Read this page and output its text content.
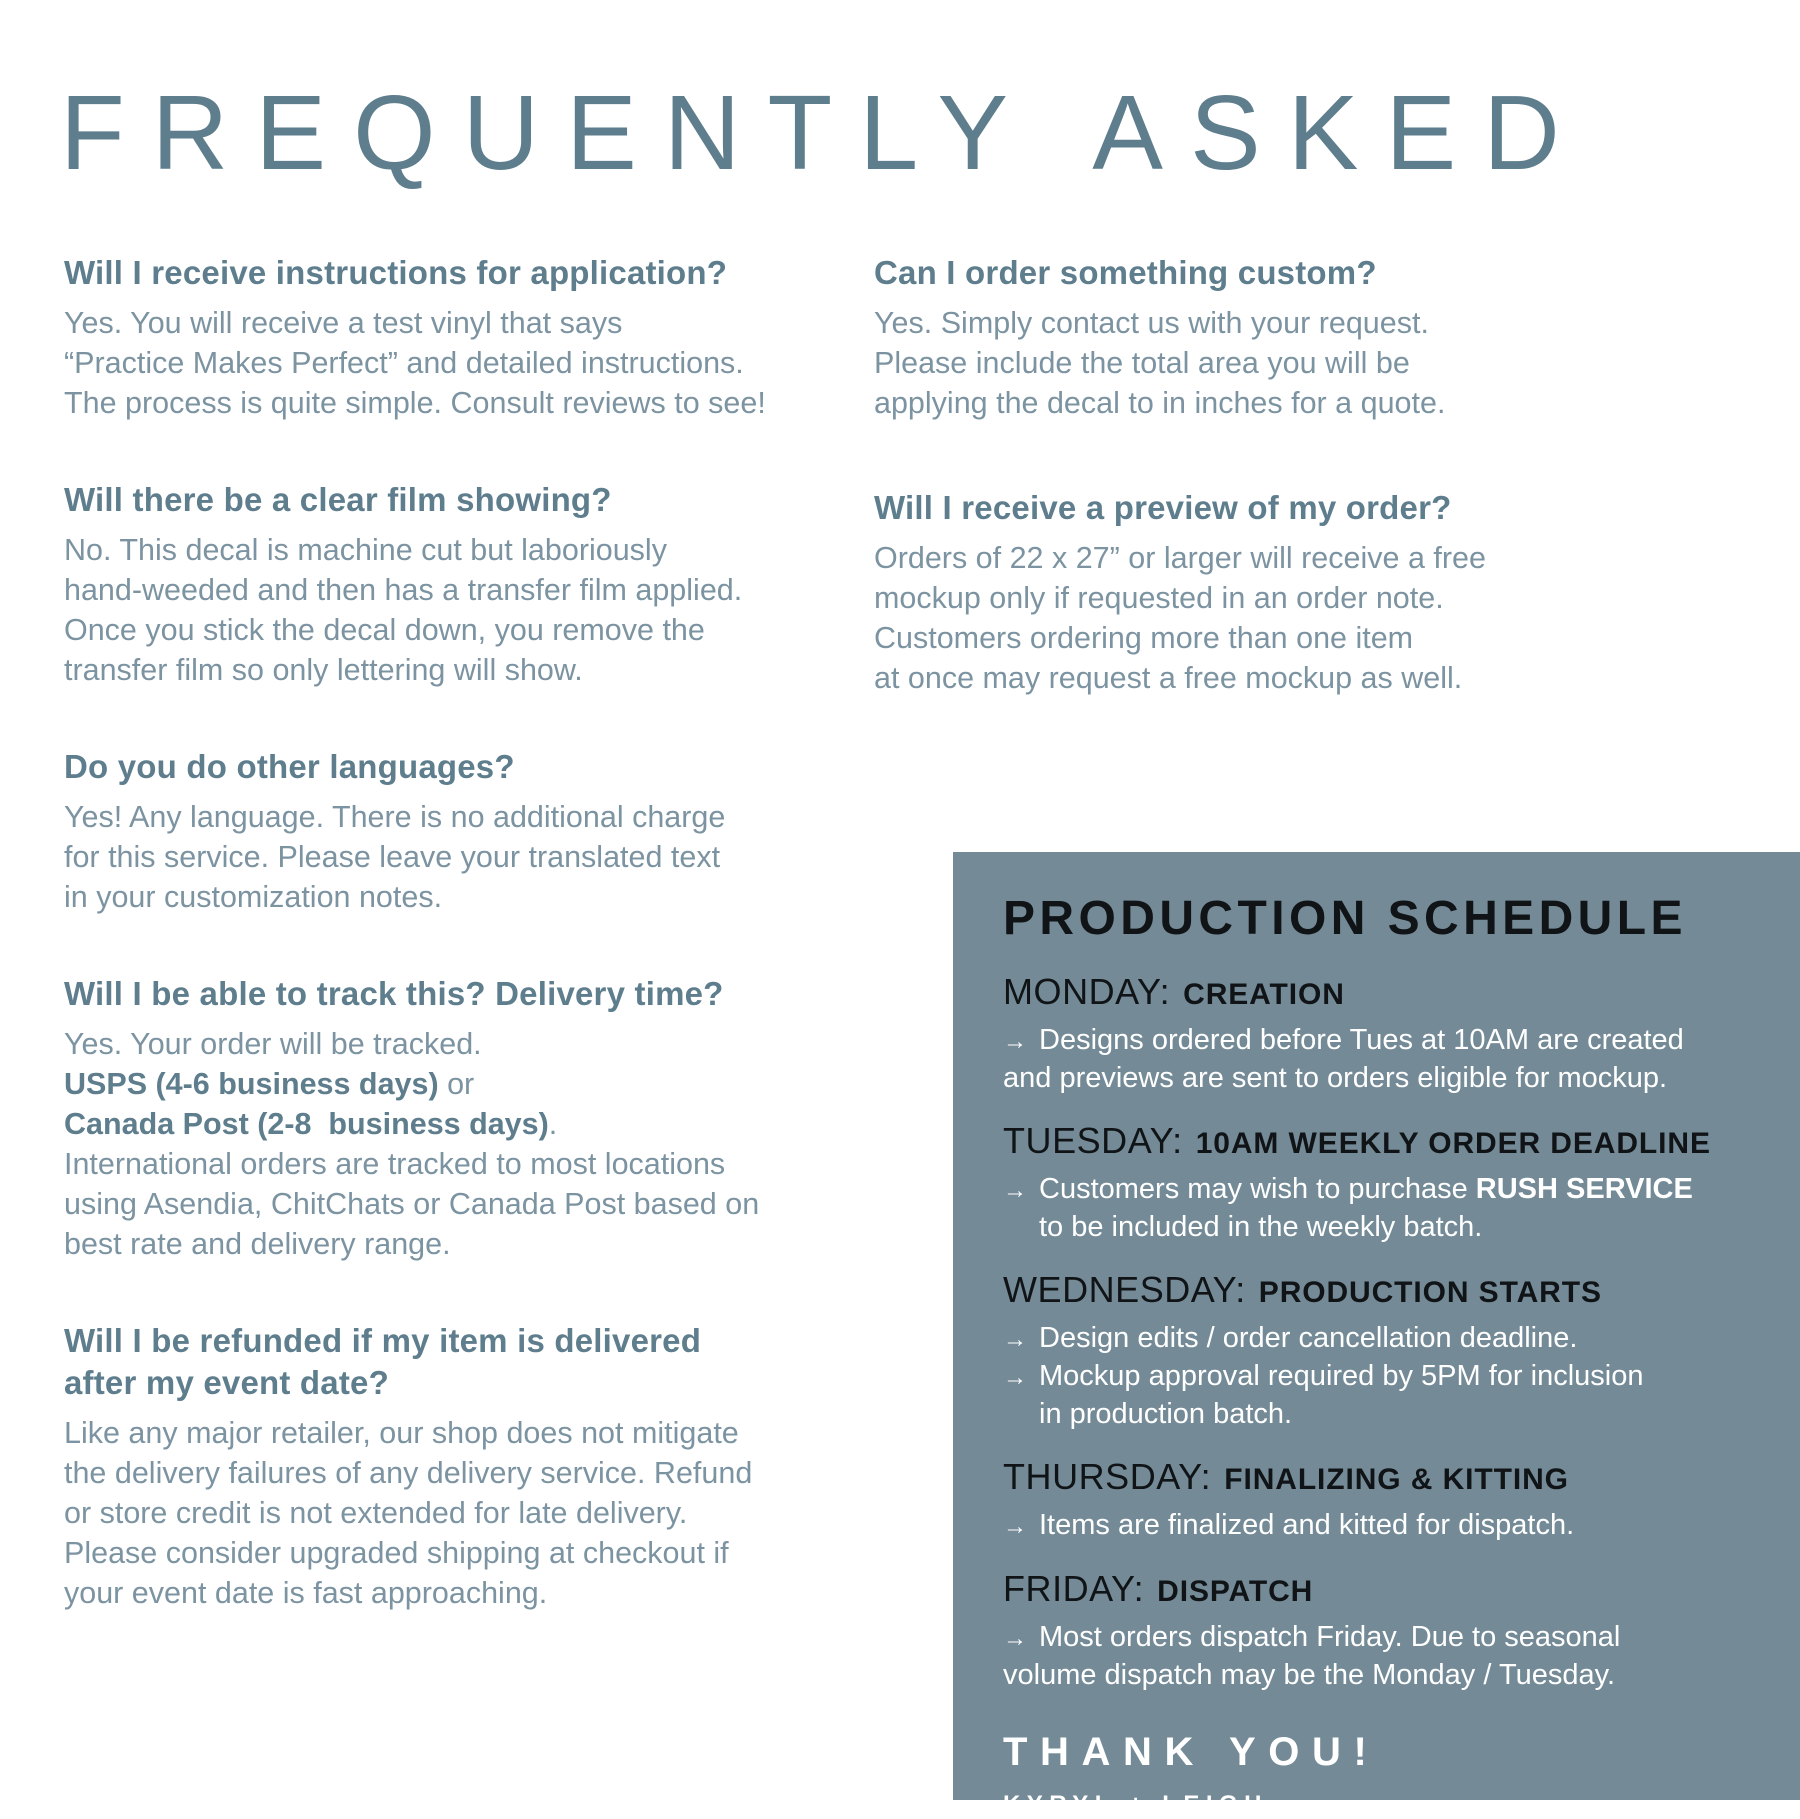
FREQUENTLY ASKED
Will I receive instructions for application?
Yes. You will receive a test vinyl that says
“Practice Makes Perfect” and detailed instructions.
The process is quite simple. Consult reviews to see!
Will there be a clear film showing?
No. This decal is machine cut but laboriously
hand-weeded and then has a transfer film applied.
Once you stick the decal down, you remove the
transfer film so only lettering will show.
Do you do other languages?
Yes! Any language. There is no additional charge
for this service. Please leave your translated text
in your customization notes.
Will I be able to track this? Delivery time?
Yes. Your order will be tracked.
USPS (4-6 business days) or
Canada Post (2-8  business days).
International orders are tracked to most locations
using Asendia, ChitChats or Canada Post based on
best rate and delivery range.
Will I be refunded if my item is delivered
after my event date?
Like any major retailer, our shop does not mitigate
the delivery failures of any delivery service. Refund
or store credit is not extended for late delivery.
Please consider upgraded shipping at checkout if
your event date is fast approaching.
Can I order something custom?
Yes. Simply contact us with your request.
Please include the total area you will be
applying the decal to in inches for a quote.
Will I receive a preview of my order?
Orders of 22 x 27” or larger will receive a free
mockup only if requested in an order note.
Customers ordering more than one item
at once may request a free mockup as well.
PRODUCTION SCHEDULE
MONDAY: CREATION
→ Designs ordered before Tues at 10AM are created
and previews are sent to orders eligible for mockup.
TUESDAY: 10AM WEEKLY ORDER DEADLINE
→ Customers may wish to purchase RUSH SERVICE
to be included in the weekly batch.
WEDNESDAY: PRODUCTION STARTS
→ Design edits / order cancellation deadline.
→ Mockup approval required by 5PM for inclusion
in production batch.
THURSDAY: FINALIZING & KITTING
→ Items are finalized and kitted for dispatch.
FRIDAY: DISPATCH
→ Most orders dispatch Friday. Due to seasonal
volume dispatch may be the Monday / Tuesday.
THANK YOU!
KYRYL + LEIGH
